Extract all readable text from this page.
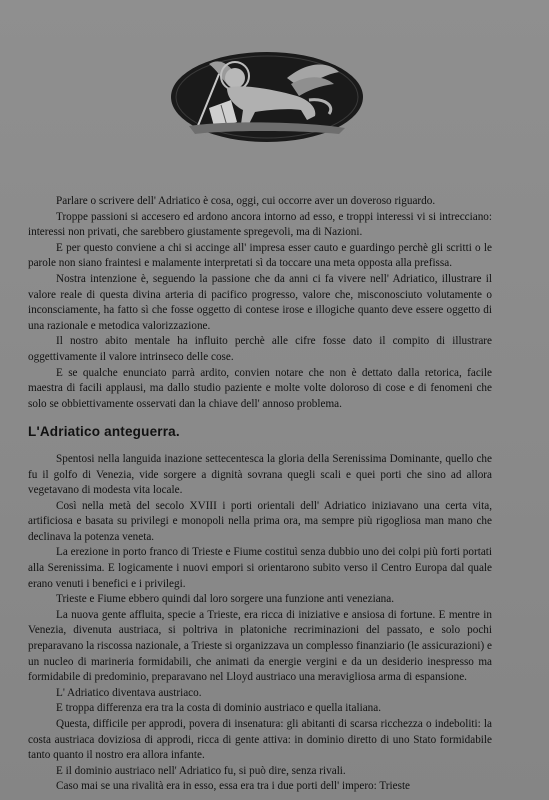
Parlare o scrivere dell' Adriatico è cosa, oggi, cui occorre aver un doveroso riguardo.

Troppe passioni si accesero ed ardono ancora intorno ad esso, e troppi interessi vi si intrecciano: interessi non privati, che sarebbero giustamente spregevoli, ma di Nazioni.

E per questo conviene a chi si accinge all' impresa esser cauto e guardingo perchè gli scritti o le parole non siano fraintesi e malamente interpretati sì da toccare una meta opposta alla prefissa.

Nostra intenzione è, seguendo la passione che da anni ci fa vivere nell' Adriatico, illustrare il valore reale di questa divina arteria di pacifico progresso, valore che, misconosciuto volutamente o inconsciamente, ha fatto sì che fosse oggetto di contese irose e illogiche quanto deve essere oggetto di una razionale e metodica valorizzazione.

Il nostro abito mentale ha influito perchè alle cifre fosse dato il compito di illustrare oggettivamente il valore intrinseco delle cose.

E se qualche enunciato parrà ardito, convien notare che non è dettato dalla retorica, facile maestra di facili applausi, ma dallo studio paziente e molte volte doloroso di cose e di fenomeni che solo se obbiettivamente osservati dan la chiave dell' annoso problema.

L'Adriatico anteguerra.

Spentosi nella languida inazione settecentesca la gloria della Serenissima Dominante, quello che fu il golfo di Venezia, vide sorgere a dignità sovrana quegli scali e quei porti che sino ad allora vegetavano di modesta vita locale.

Così nella metà del secolo XVIII i porti orientali dell' Adriatico iniziavano una certa vita, artificiosa e basata su privilegi e monopoli nella prima ora, ma sempre più rigogliosa man mano che declinava la potenza veneta.

La erezione in porto franco di Trieste e Fiume costituì senza dubbio uno dei colpi più forti portati alla Serenissima. E logicamente i nuovi empori si orientarono subito verso il Centro Europa dal quale erano venuti i benefici e i privilegi.

Trieste e Fiume ebbero quindi dal loro sorgere una funzione anti veneziana.

La nuova gente affluita, specie a Trieste, era ricca di iniziative e ansiosa di fortune. E mentre in Venezia, divenuta austriaca, si poltriva in platoniche recriminazioni del passato, e solo pochi preparavano la riscossa nazionale, a Trieste si organizzava un complesso finanziario (le assicurazioni) e un nucleo di marineria formidabili, che animati da energie vergini e da un desiderio inespresso ma formidabile di predominio, preparavano nel Lloyd austriaco una meravigliosa arma di espansione.

L' Adriatico diventava austriaco.

E troppa differenza era tra la costa di dominio austriaco e quella italiana.

Questa, difficile per approdi, povera di insenatura: gli abitanti di scarsa ricchezza o indeboliti: la costa austriaca doviziosa di approdi, ricca di gente attiva: in dominio diretto di uno Stato formidabile tanto quanto il nostro era allora infante.

E il dominio austriaco nell' Adriatico fu, si può dire, senza rivali.

Caso mai se una rivalità era in esso, essa era tra i due porti dell' impero: Trieste
